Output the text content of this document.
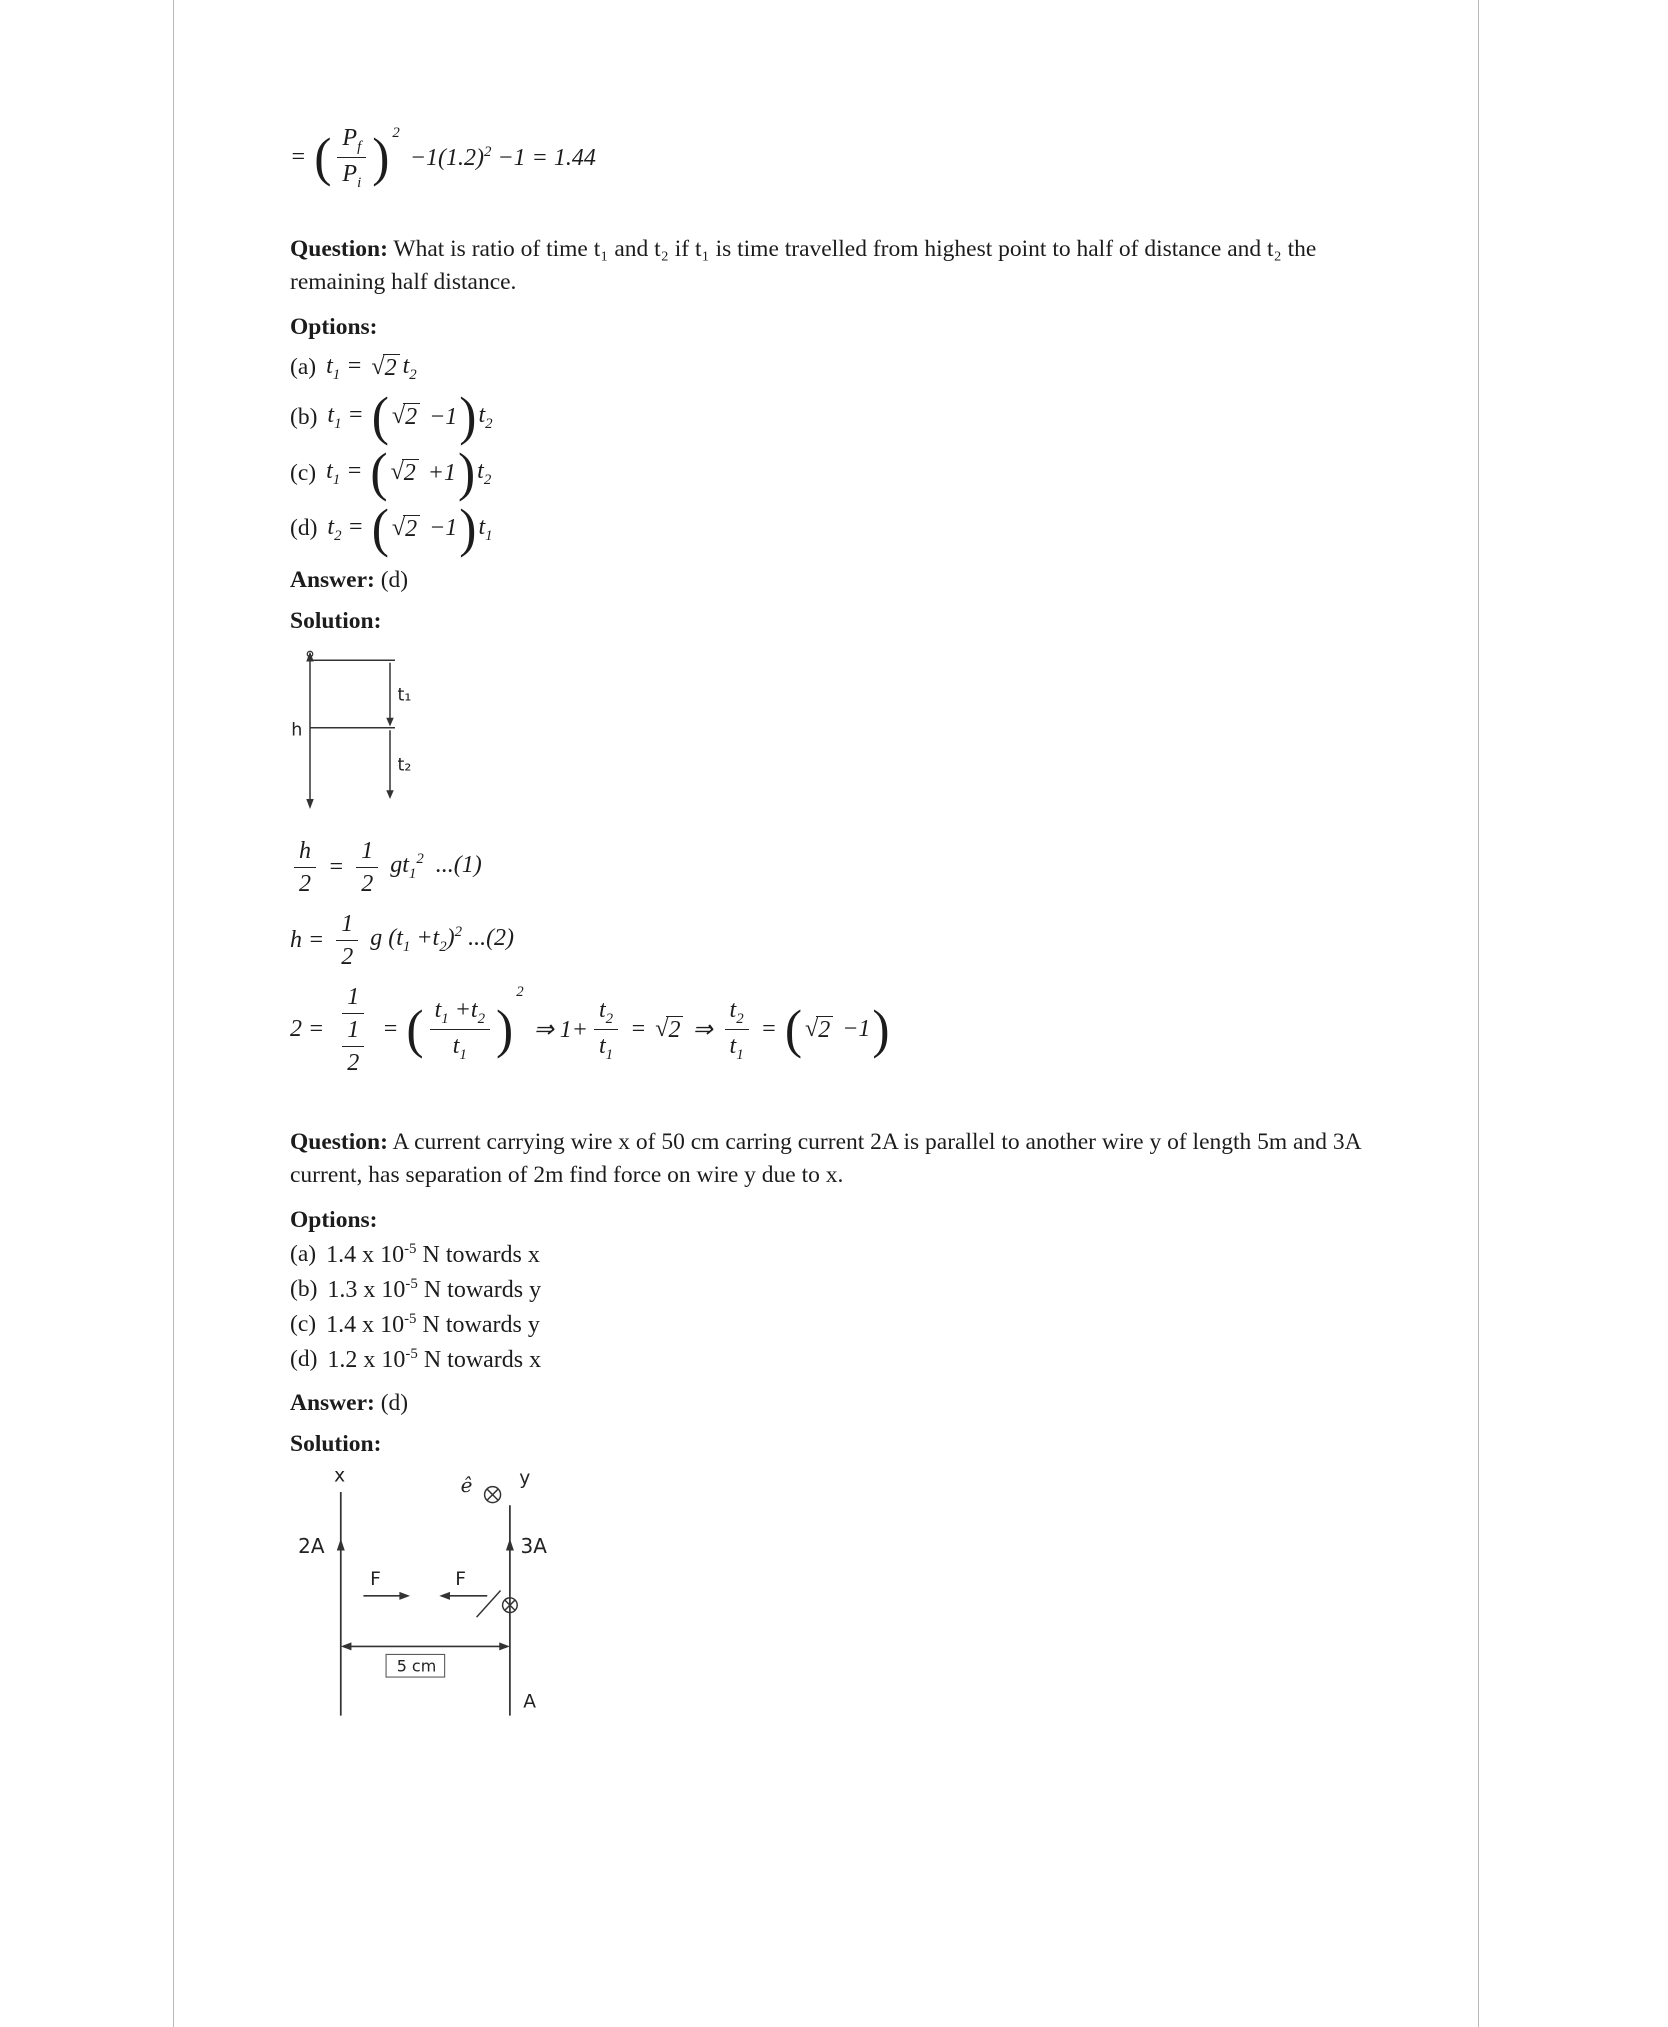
= ( $\frac{P_f}{P_i}$ ) 2
$-1(1.2)^2 -1 = 1.44$

Question: What is ratio of time t₁ and t₂ if t₁ is time travelled from highest point to half of distance and t₂ the remaining half distance.

Options:
(a) $t_1$ = √ 2 $t_2$
(b) $t_1$ = ( √ 2 −1 ) $t_2$
(c) $t_1$ = ( √ 2 +1 ) $t_2$
(d) $t_2$ = ( √ 2 −1 ) $t_1$
Answer: (d)
Solution:
h
t₁
t₂
$\frac{h}{2} = \frac{1}{2} gt_1^2$  ...(1)
$h = \frac{1}{2}$ g $(t_1 +t_2)^2$ ...(2)
$2 = \frac{1}{\frac{1}{2}}$ = ( $\frac{t_1 +t_2}{t_1}$ )
2
⇒ $1+ \frac{t_2}{t_1}$ = √ 2 ⇒ $\frac{t_2}{t_1}$ = ( √ 2 −1 )

Question: A current carrying wire x of 50 cm carring current 2A is parallel to another wire y of length 5m and 3A current, has separation of 2m find force on wire y due to x.

Options:
(a) 1.4 x $10^{-5}$ N towards x
(b) 1.3 x $10^{-5}$ N towards y
(c) 1.4 x $10^{-5}$ N towards y
(d) 1.2 x $10^{-5}$ N towards x
Answer: (d)
Solution:
x
2A
y
3A
ê
F	F
5 cm
A
